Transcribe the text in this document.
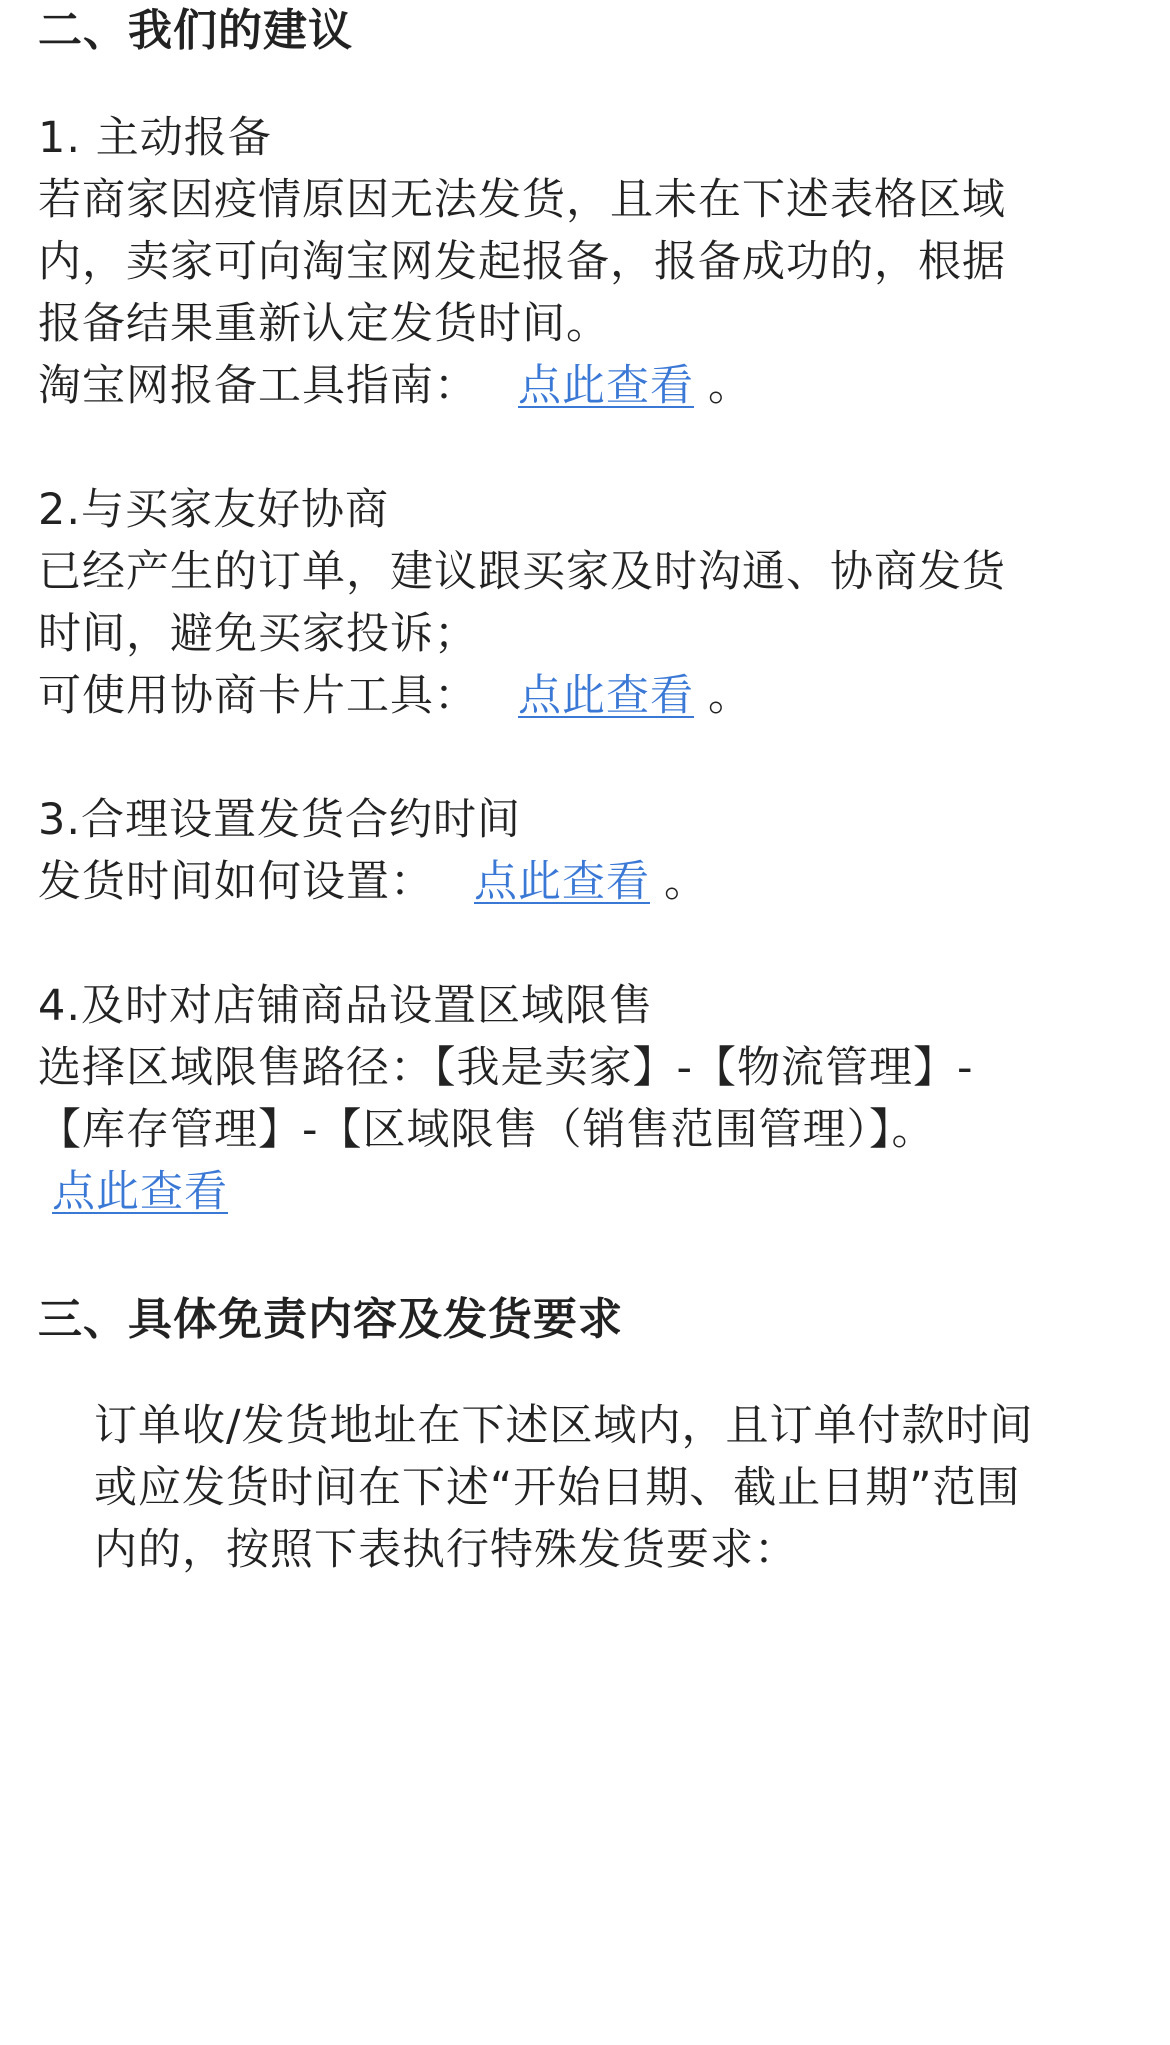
二、我们的建议
1. 主动报备
若商家因疫情原因无法发货，且未在下述表格区域
内，卖家可向淘宝网发起报备，报备成功的，根据
报备结果重新认定发货时间。
淘宝网报备工具指南： 点此查看 。
2.与买家友好协商
已经产生的订单，建议跟买家及时沟通、协商发货
时间，避免买家投诉；
可使用协商卡片工具： 点此查看 。
3.合理设置发货合约时间
发货时间如何设置： 点此查看 。
4.及时对店铺商品设置区域限售
选择区域限售路径：【我是卖家】-【物流管理】-
【库存管理】-【区域限售（销售范围管理）】。
点此查看
三、具体免责内容及发货要求
订单收/发货地址在下述区域内，且订单付款时间
或应发货时间在下述“开始日期、截止日期”范围
内的，按照下表执行特殊发货要求：
